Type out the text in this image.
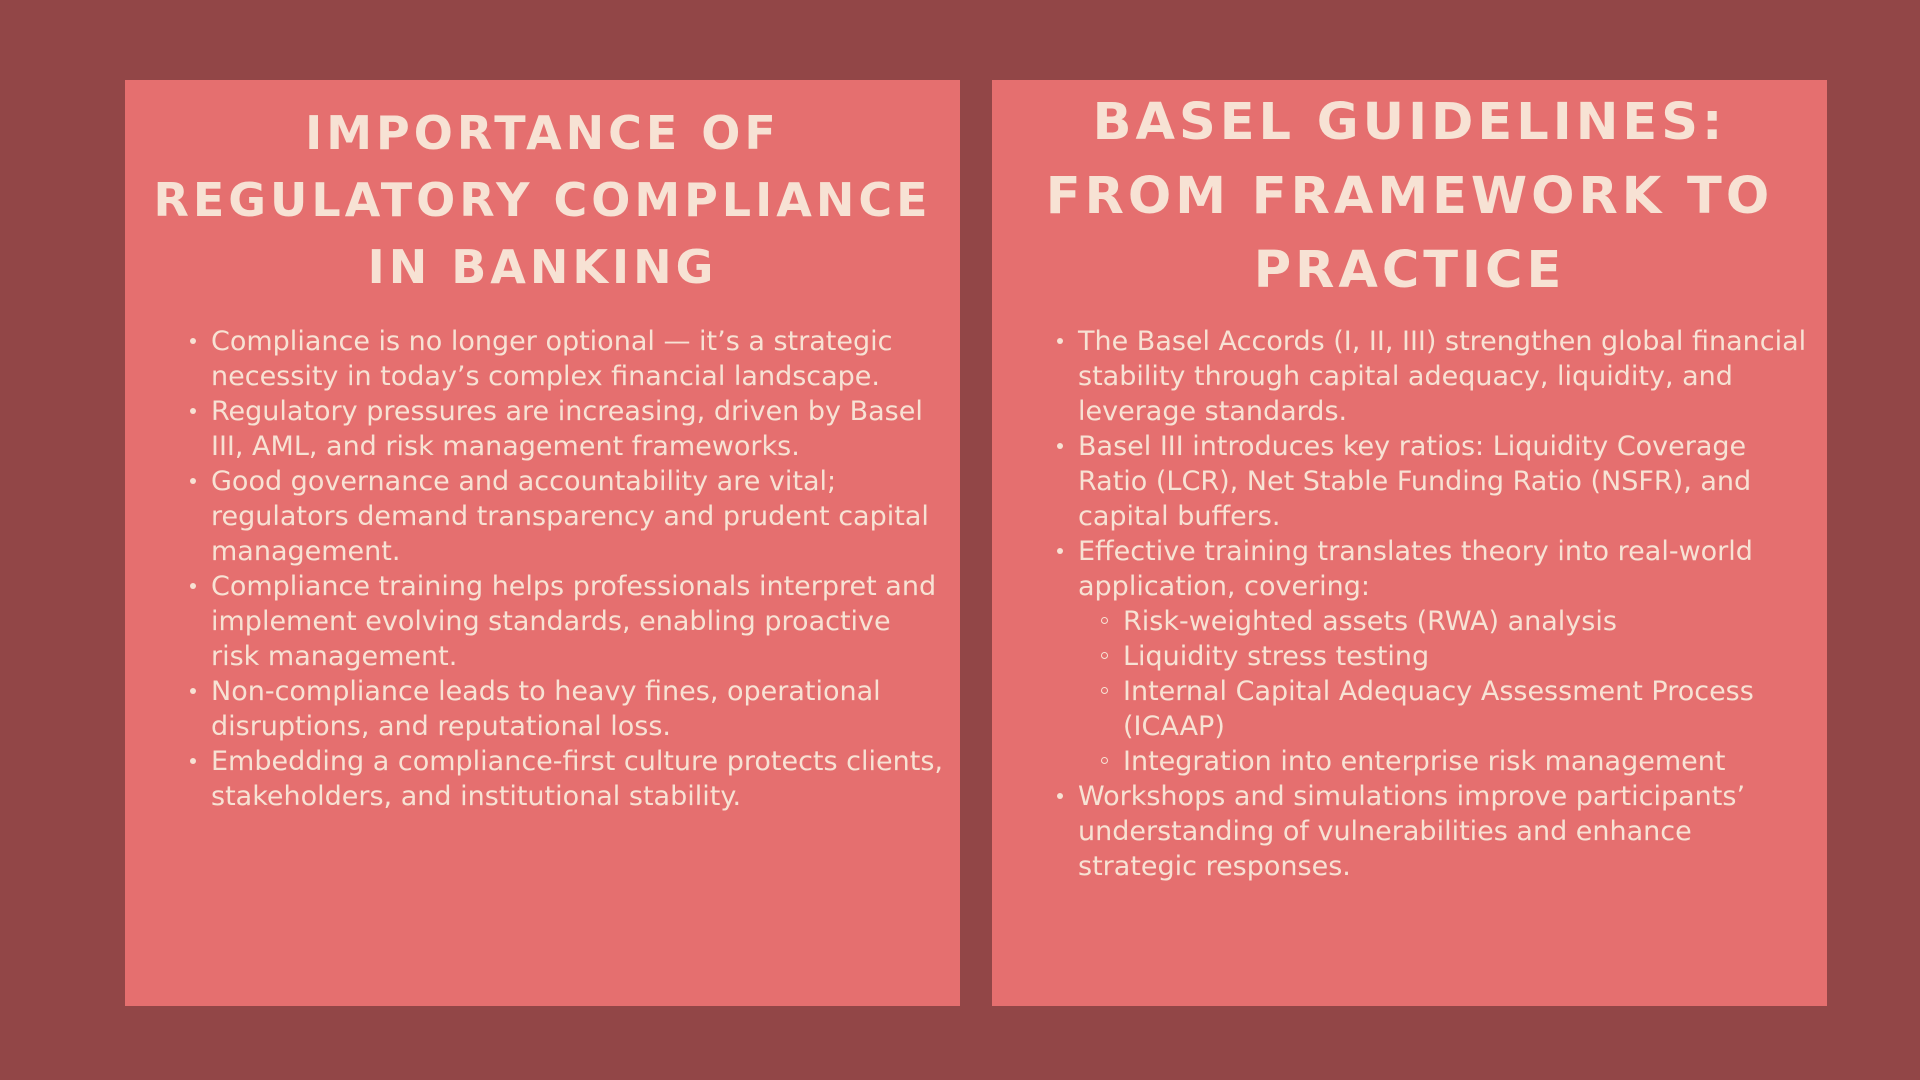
IMPORTANCE OF REGULATORY COMPLIANCE IN BANKING
Compliance is no longer optional — it’s a strategic necessity in today’s complex financial landscape.
Regulatory pressures are increasing, driven by Basel III, AML, and risk management frameworks.
Good governance and accountability are vital; regulators demand transparency and prudent capital management.
Compliance training helps professionals interpret and implement evolving standards, enabling proactive risk management.
Non-compliance leads to heavy fines, operational disruptions, and reputational loss.
Embedding a compliance-first culture protects clients, stakeholders, and institutional stability.
BASEL GUIDELINES: FROM FRAMEWORK TO PRACTICE
The Basel Accords (I, II, III) strengthen global financial stability through capital adequacy, liquidity, and leverage standards.
Basel III introduces key ratios: Liquidity Coverage Ratio (LCR), Net Stable Funding Ratio (NSFR), and capital buffers.
Effective training translates theory into real-world application, covering:
Risk-weighted assets (RWA) analysis
Liquidity stress testing
Internal Capital Adequacy Assessment Process (ICAAP)
Integration into enterprise risk management
Workshops and simulations improve participants’ understanding of vulnerabilities and enhance strategic responses.
